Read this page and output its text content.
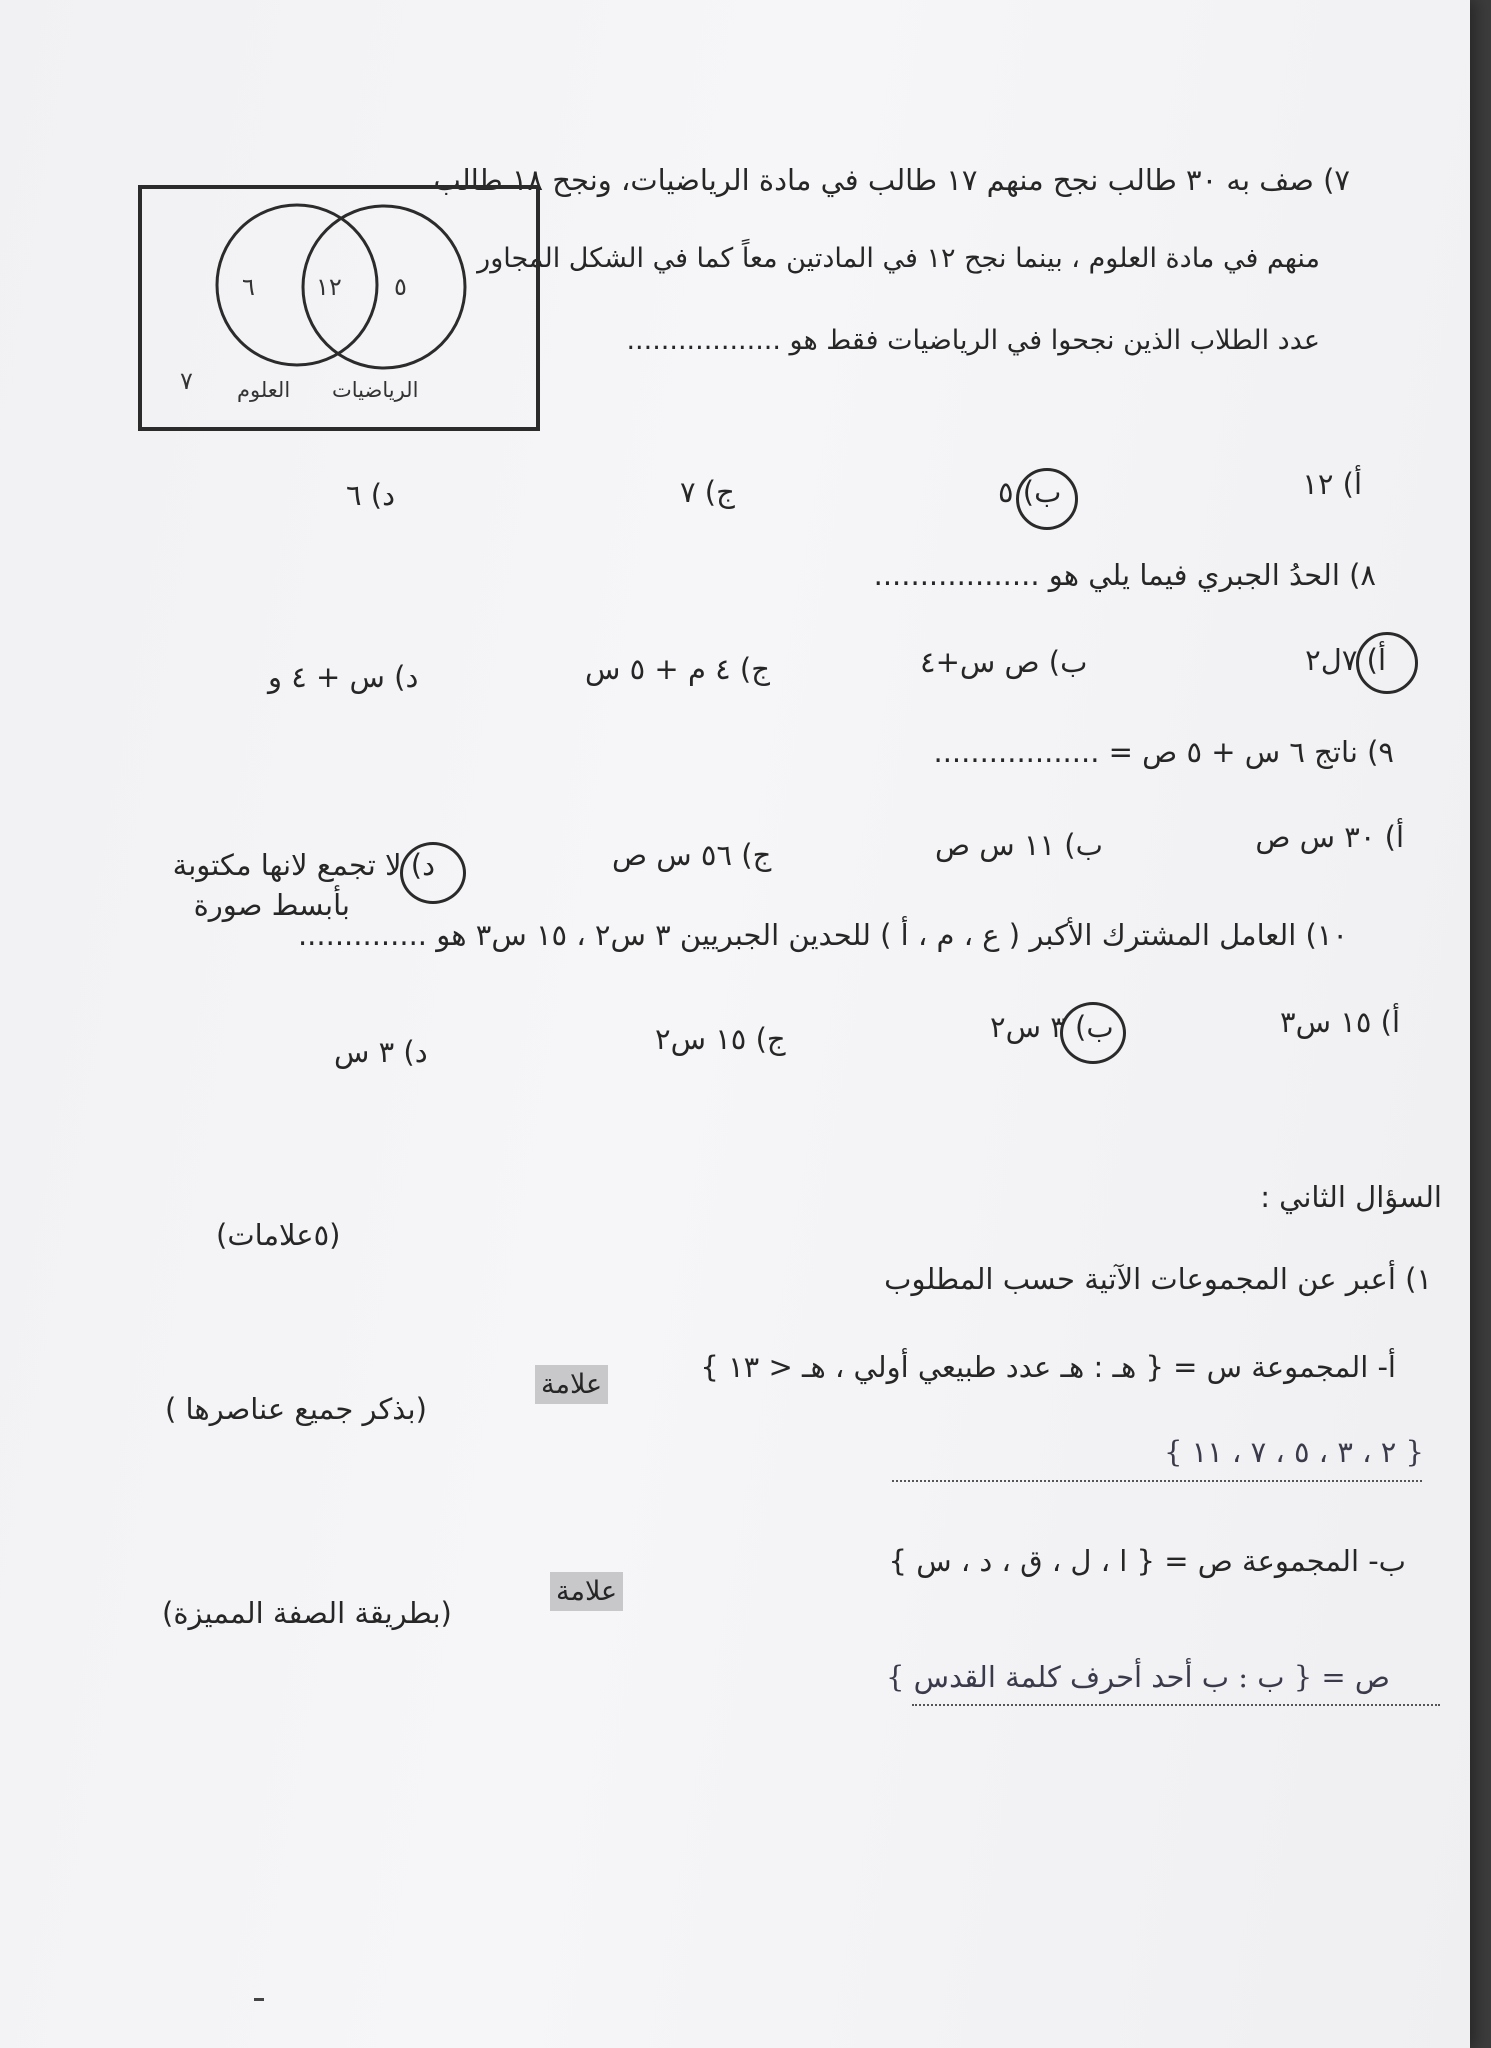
٧) صف به ٣٠ طالب نجح منهم ١٧ طالب في مادة الرياضيات، ونجح ١٨ طالب
منهم في مادة العلوم ، بينما نجح ١٢ في المادتين معاً كما في الشكل المجاور
عدد الطلاب الذين نجحوا في الرياضيات فقط هو ..................
٦	١٢ ٥
٧ العلوم الرياضيات
أ) ١٢
ب) ٥
ج) ٧
د) ٦
٨) الحدُ الجبري فيما يلي هو ..................
أ) ٧ل٢
ب) ص س+٤
ج) ٤ م + ٥ س
د) س + ٤ و
٩) ناتج ٦ س + ٥ ص = ..................
أ) ٣٠ س ص
ب) ١١ س ص
ج) ٥٦ س ص
د) لا تجمع لانها مكتوبة
بأبسط صورة
١٠) العامل المشترك الأكبر ( ع ، م ، أ ) للحدين الجبريين ٣ س٢ ، ١٥ س٣ هو ..............
أ) ١٥ س٣
ب) ٣ س٢
ج) ١٥ س٢
د) ٣ س
السؤال الثاني :
(٥علامات)
١) أعبر عن المجموعات الآتية حسب المطلوب
أ- المجموعة س = { هـ : هـ عدد طبيعي أولي ، هـ < ١٣ }
علامة
(بذكر جميع عناصرها )
{ ٢ ، ٣ ، ٥ ، ٧ ، ١١ }
ب- المجموعة ص = { ا ، ل ، ق ، د ، س }
علامة
(بطريقة الصفة المميزة)
ص = { ب : ب أحد أحرف كلمة القدس }
